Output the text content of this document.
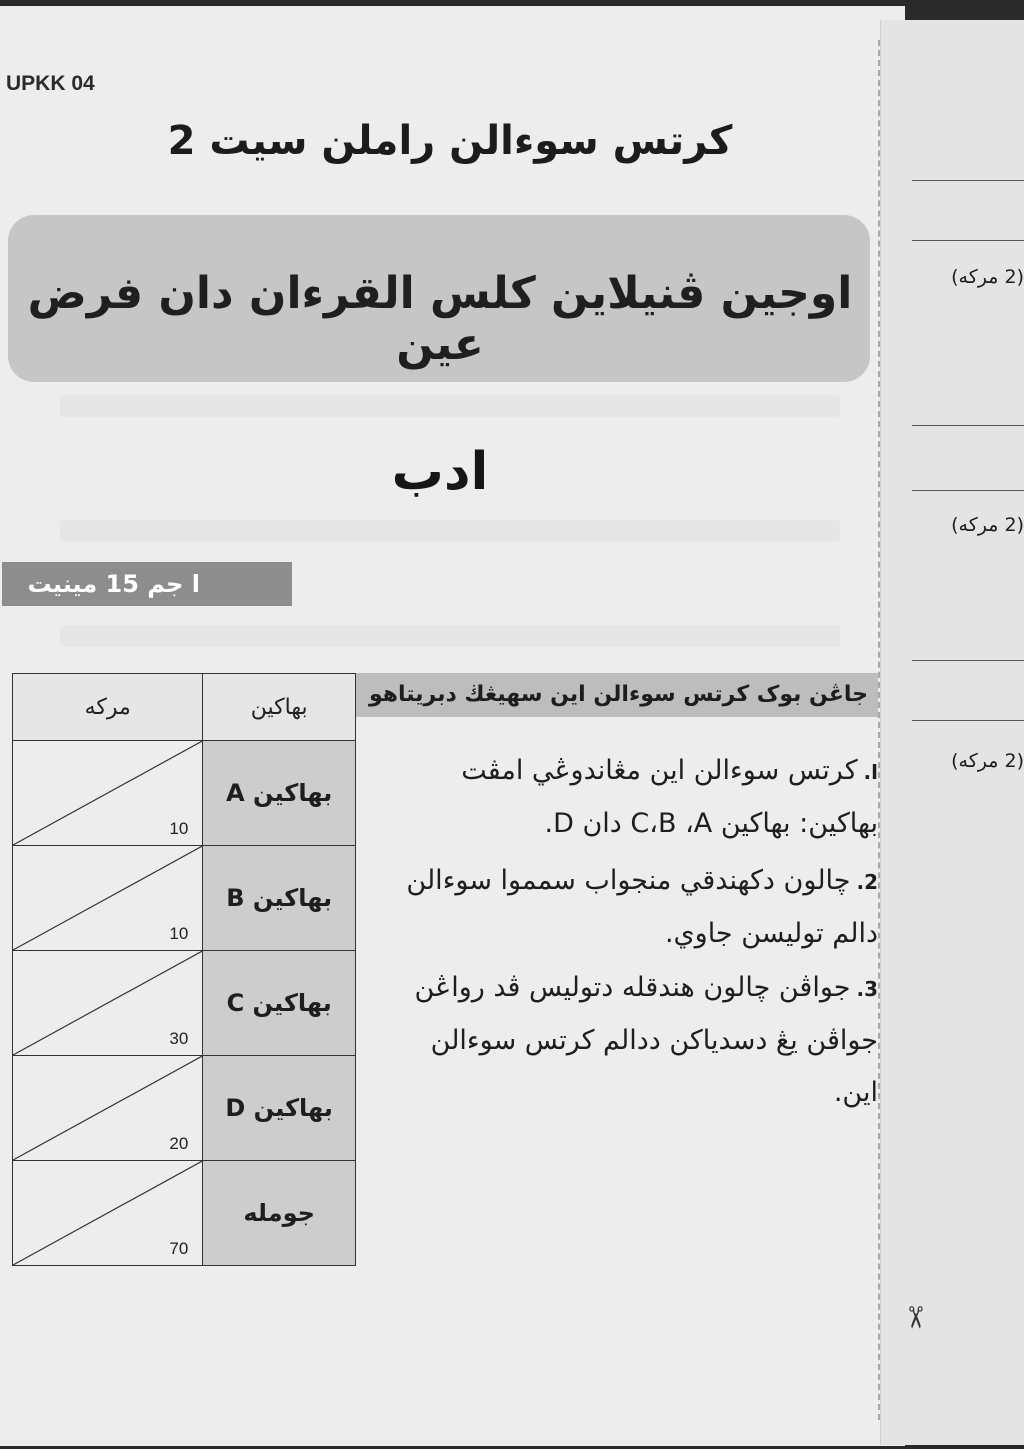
UPKK 04
كرتس سوءالن راملن سيت 2
اوجين ڤنيلاين كلس القرءان دان فرض عين
ادب
ا جم 15 مينيت
مرکه	بهاکين

10	بهاکين A

10	بهاکين B

30	بهاکين C

20	بهاکين D

70	جومله
جاڠن بوک كرتس سوءالن اين سهيڠڬ دبريتاهو
ا.کرتس سوءالن اين مڠاندوڠي امڤت بهاکين: بهاکين C،B ،A دان D.
2.چالون دکهندقي منجواب سمموا سوءالن دالم توليسن جاوي.
3.جواڤن چالون هندقله دتوليس ڤد رواڠن جواڤن يڠ دسدياکن ددالم کرتس سوءالن اين.
(2 مرکه)
(2 مرکه)
(2 مرکه)
✂
